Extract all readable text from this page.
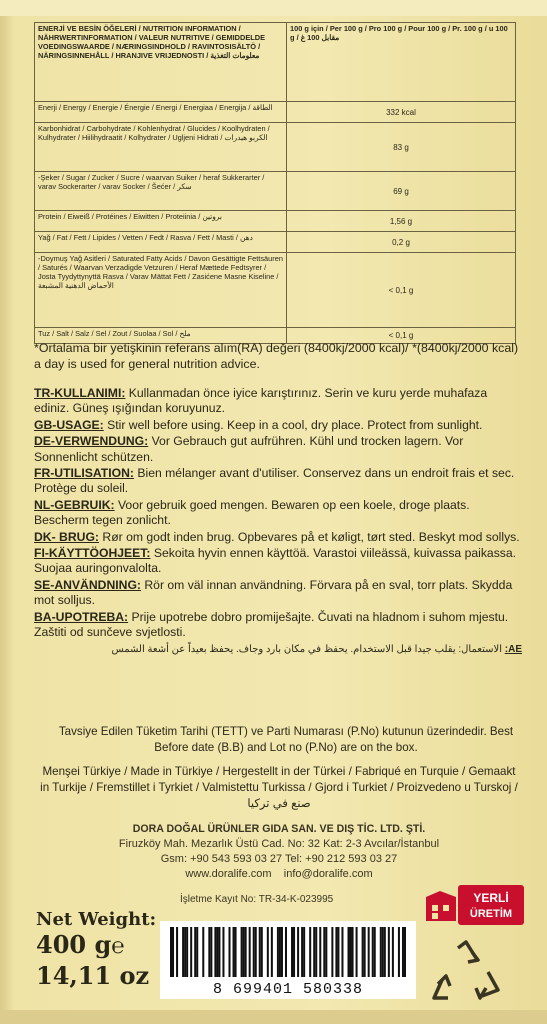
ENERJİ VE BESİN ÖĞELERİ / NUTRITION INFORMATION / NÄHRWERTINFORMATION / VALEUR NUTRITIVE / GEMIDDELDE VOEDINGSWAARDE / NÆRINGSINDHOLD / RAVINTOSISÄLTÖ / NÄRINGSINNEHÅLL / HRANJIVE VRIJEDNOSTI / معلومات التغذية	100 g için / Per 100 g / Pro 100 g / Pour 100 g / Pr. 100 g / u 100 g / مقابل 100 غ
Enerji / Energy / Energie / Énergie / Energi / Energiaa / Energija / الطاقة	332 kcal
Karbonhidrat / Carbohydrate / Kohlenhydrat / Glucides / Koolhydraten / Kulhydrater / Hiilihydraatit / Kolhydrater / Ugljeni Hidrati / الكربو هيدرات	83 g
-Şeker / Sugar / Zucker / Sucre / waarvan Suiker / heraf Sukkerarter / varav Sockerarter / varav Socker / Šećer / سكر	69 g
Protein / Eiweiß / Protéines / Eiwitten / Proteiinia / بروتين	1,56 g
Yağ / Fat / Fett / Lipides / Vetten / Fedt / Rasva / Fett / Masti / دهن	0,2 g
-Doymuş Yağ Asitleri / Saturated Fatty Acids / Davon Gesättigte Fettsäuren / Saturés / Waarvan Verzadigde Vetzuren / Heraf Mættede Fedtsyrer / Josta Tyydyttynyttä Rasva / Varav Mättat Fett / Zasićene Masne Kiseline / الأحماض الدهنية المشبعة	< 0,1 g
Tuz / Salt / Salz / Sel / Zout / Suolaa / Sol / ملح	< 0,1 g
*Ortalama bir yetişkinin referans alım(RA) değeri (8400kj/2000 kcal)/ *(8400kj/2000 kcal) a day is used for general nutrition advice.

TR-KULLANIMI: Kullanmadan önce iyice karıştırınız. Serin ve kuru yerde muhafaza ediniz. Güneş ışığından koruyunuz.

GB-USAGE: Stir well before using. Keep in a cool, dry place. Protect from sunlight.

DE-VERWENDUNG: Vor Gebrauch gut aufrühren. Kühl und trocken lagern. Vor Sonnenlicht schützen.

FR-UTILISATION: Bien mélanger avant d'utiliser. Conservez dans un endroit frais et sec. Protège du soleil.

NL-GEBRUIK: Voor gebruik goed mengen. Bewaren op een koele, droge plaats. Bescherm tegen zonlicht.

DK- BRUG: Rør om godt inden brug. Opbevares på et køligt, tørt sted. Beskyt mod sollys.

FI-KÄYTTÖOHJEET: Sekoita hyvin ennen käyttöä. Varastoi viileässä, kuivassa paikassa. Suojaa auringonvalolta.

SE-ANVÄNDNING: Rör om väl innan användning. Förvara på en sval, torr plats. Skydda mot solljus.

BA-UPOTREBA: Prije upotrebe dobro promiješajte. Čuvati na hladnom i suhom mjestu. Zaštiti od sunčeve svjetlosti.

AE: الاستعمال: يقلب جيدا قبل الاستخدام. يحفظ في مكان بارد وجاف. يحفظ بعيداً عن أشعة الشمس

Tavsiye Edilen Tüketim Tarihi (TETT) ve Parti Numarası (P.No) kutunun üzerindedir. Best Before date (B.B) and Lot no (P.No) are on the box.
Menşei Türkiye / Made in Türkiye / Hergestellt in der Türkei / Fabriqué en Turquie / Gemaakt in Turkije / Fremstillet i Tyrkiet / Valmistettu Turkissa / Gjord i Turkiet / Proizvedeno u Turskoj / صنع في تركيا
DORA DOĞAL ÜRÜNLER GIDA SAN. VE DIŞ TİC. LTD. ŞTİ.
Firuzköy Mah. Mezarlık Üstü Cad. No: 32 Kat: 2-3 Avcılar/İstanbul
Gsm: +90 543 593 03 27 Tel: +90 212 593 03 27
www.doralife.com info@doralife.com
İşletme Kayıt No: TR-34-K-023995	YERLİ
ÜRETİM
Net Weight:
400 g℮
14,11 oz	8 699401 580338
